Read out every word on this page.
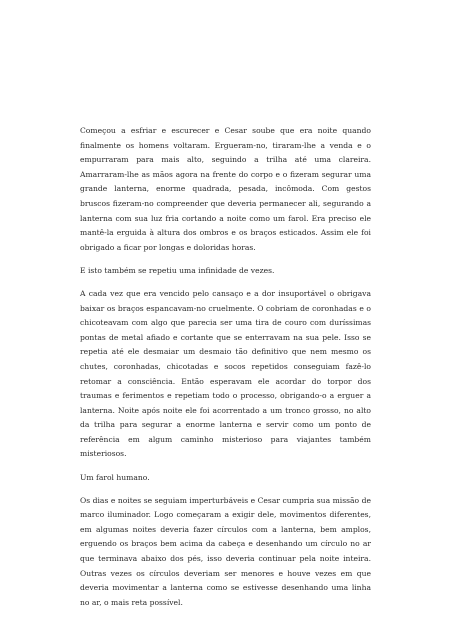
Começou a esfriar e escurecer e Cesar soube que era noite quando finalmente os homens voltaram. Ergueram-no, tiraram-lhe a venda e o empurraram para mais alto, seguindo a trilha até uma clareira. Amarraram-lhe as mãos agora na frente do corpo e o fizeram segurar uma grande lanterna, enorme quadrada, pesada, incômoda. Com gestos bruscos fizeram-no compreender que deveria permanecer ali, segurando a lanterna com sua luz fria cortando a noite como um farol. Era preciso ele mantê-la erguida à altura dos ombros e os braços esticados. Assim ele foi obrigado a ficar por longas e doloridas horas.

E isto também se repetiu uma infinidade de vezes.

A cada vez que era vencido pelo cansaço e a dor insuportável o obrigava baixar os braços espancavam-no cruelmente. O cobriam de coronhadas e o chicoteavam com algo que parecia ser uma tira de couro com duríssimas pontas de metal afiado e cortante que se enterravam na sua pele. Isso se repetia até ele desmaiar um desmaio tão definitivo que nem mesmo os chutes, coronhadas, chicotadas e socos repetidos conseguiam fazê-lo retomar a consciência. Então esperavam ele acordar do torpor dos traumas e ferimentos e repetiam todo o processo, obrigando-o a erguer a lanterna. Noite após noite ele foi acorrentado a um tronco grosso, no alto da trilha para segurar a enorme lanterna e servir como um ponto de referência em algum caminho misterioso para viajantes também misteriosos.

Um farol humano.

Os dias e noites se seguiam imperturbáveis e Cesar cumpria sua missão de marco iluminador. Logo começaram a exigir dele, movimentos diferentes, em algumas noites deveria fazer círculos com a lanterna, bem amplos, erguendo os braços bem acima da cabeça e desenhando um círculo no ar que terminava abaixo dos pés, isso deveria continuar pela noite inteira. Outras vezes os círculos deveriam ser menores e houve vezes em que deveria movimentar a lanterna como se estivesse desenhando uma linha no ar, o mais reta possível.
